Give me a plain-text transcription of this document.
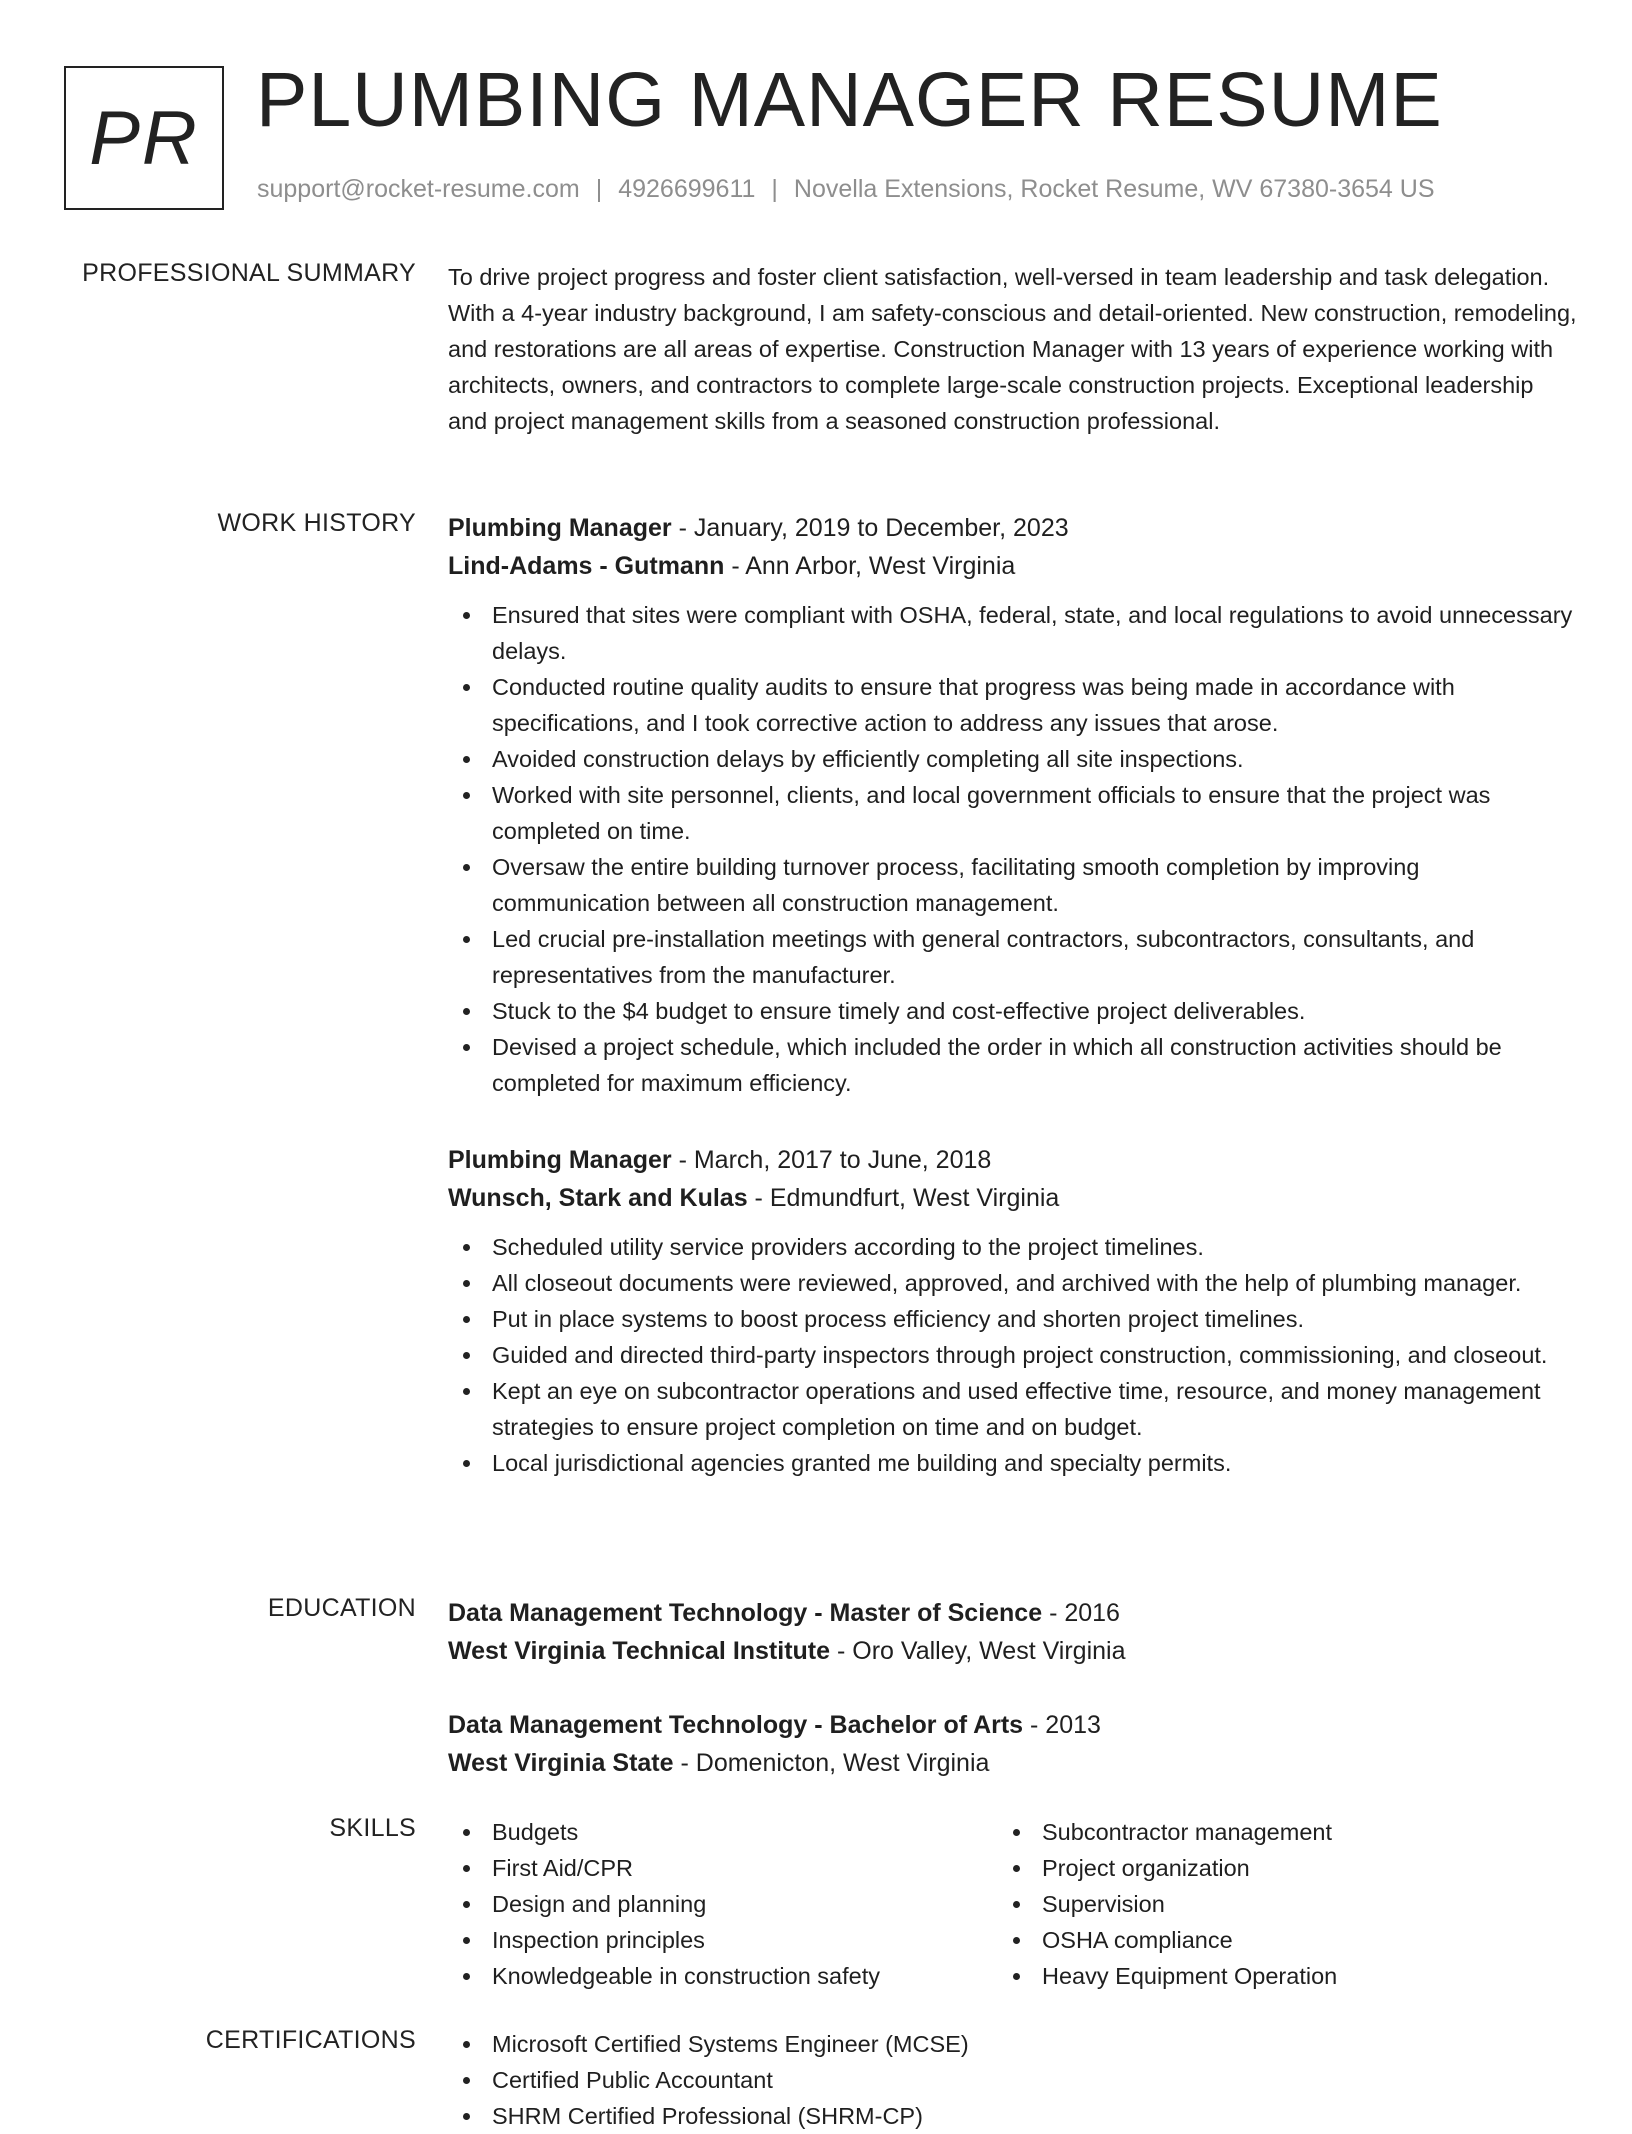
PR PLUMBING MANAGER RESUME
support@rocket-resume.com | 4926699611 | Novella Extensions, Rocket Resume, WV 67380-3654 US
PROFESSIONAL SUMMARY To drive project progress and foster client satisfaction, well-versed in team leadership and task delegation. With a 4-year industry background, I am safety-conscious and detail-oriented. New construction, remodeling, and restorations are all areas of expertise. Construction Manager with 13 years of experience working with architects, owners, and contractors to complete large-scale construction projects. Exceptional leadership and project management skills from a seasoned construction professional.
WORK HISTORY Plumbing Manager - January, 2019 to December, 2023
Lind-Adams - Gutmann - Ann Arbor, West Virginia
Ensured that sites were compliant with OSHA, federal, state, and local regulations to avoid unnecessary delays.
Conducted routine quality audits to ensure that progress was being made in accordance with specifications, and I took corrective action to address any issues that arose.
Avoided construction delays by efficiently completing all site inspections.
Worked with site personnel, clients, and local government officials to ensure that the project was completed on time.
Oversaw the entire building turnover process, facilitating smooth completion by improving communication between all construction management.
Led crucial pre-installation meetings with general contractors, subcontractors, consultants, and representatives from the manufacturer.
Stuck to the $4 budget to ensure timely and cost-effective project deliverables.
Devised a project schedule, which included the order in which all construction activities should be completed for maximum efficiency.
Plumbing Manager - March, 2017 to June, 2018
Wunsch, Stark and Kulas - Edmundfurt, West Virginia
Scheduled utility service providers according to the project timelines.
All closeout documents were reviewed, approved, and archived with the help of plumbing manager.
Put in place systems to boost process efficiency and shorten project timelines.
Guided and directed third-party inspectors through project construction, commissioning, and closeout.
Kept an eye on subcontractor operations and used effective time, resource, and money management strategies to ensure project completion on time and on budget.
Local jurisdictional agencies granted me building and specialty permits.
EDUCATION Data Management Technology - Master of Science - 2016
West Virginia Technical Institute - Oro Valley, West Virginia
Data Management Technology - Bachelor of Arts - 2013
West Virginia State - Domenicton, West Virginia
SKILLS	Budgets
First Aid/CPR
Design and planning
Inspection principles
Knowledgeable in construction safety
Subcontractor management
Project organization
Supervision
OSHA compliance
Heavy Equipment Operation
CERTIFICATIONS	Microsoft Certified Systems Engineer (MCSE)
Certified Public Accountant
SHRM Certified Professional (SHRM-CP)
